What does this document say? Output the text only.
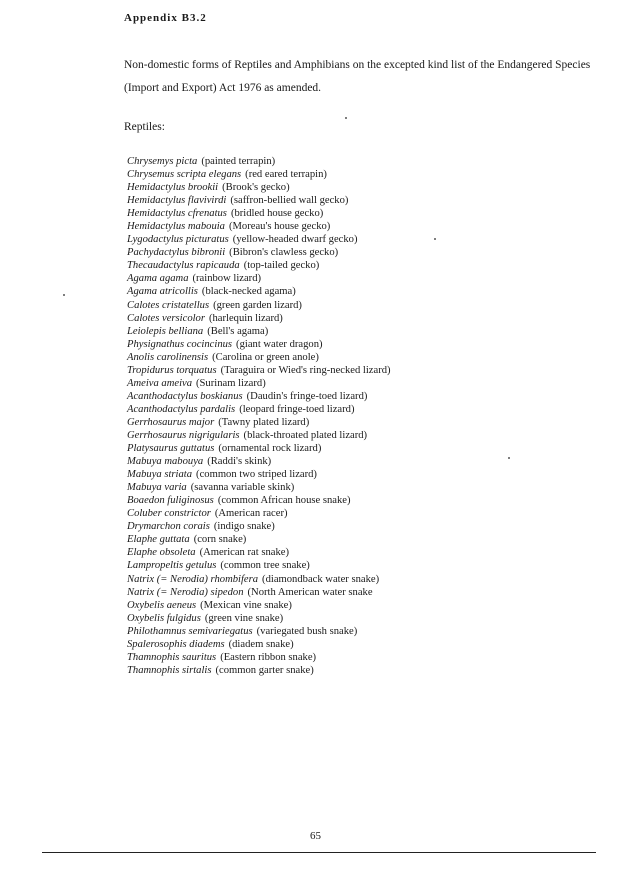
Appendix B3.2
Non-domestic forms of Reptiles and Amphibians on the excepted kind list of the Endangered Species (Import and Export) Act 1976 as amended.
Reptiles:
Chrysemys picta (painted terrapin)
Chrysemus scripta elegans (red eared terrapin)
Hemidactylus brookii (Brook's gecko)
Hemidactylus flavivirdi (saffron-bellied wall gecko)
Hemidactylus cfrenatus (bridled house gecko)
Hemidactylus mabouia (Moreau's house gecko)
Lygodactylus picturatus (yellow-headed dwarf gecko)
Pachydactylus bibronii (Bibron's clawless gecko)
Thecaudactylus rapicauda (top-tailed gecko)
Agama agama (rainbow lizard)
Agama atricollis (black-necked agama)
Calotes cristatellus (green garden lizard)
Calotes versicolor (harlequin lizard)
Leiolepis belliana (Bell's agama)
Physignathus cocincinus (giant water dragon)
Anolis carolinensis (Carolina or green anole)
Tropidurus torquatus (Taraguira or Wied's ring-necked lizard)
Ameiva ameiva (Surinam lizard)
Acanthodactylus boskianus (Daudin's fringe-toed lizard)
Acanthodactylus pardalis (leopard fringe-toed lizard)
Gerrhosaurus major (Tawny plated lizard)
Gerrhosaurus nigrigularis (black-throated plated lizard)
Platysaurus guttatus (ornamental rock lizard)
Mabuya mabouya (Raddi's skink)
Mabuya striata (common two striped lizard)
Mabuya varia (savanna variable skink)
Boaedon fuliginosus (common African house snake)
Coluber constrictor (American racer)
Drymarchon corais (indigo snake)
Elaphe guttata (corn snake)
Elaphe obsoleta (American rat snake)
Lampropeltis getulus (common tree snake)
Natrix (= Nerodia) rhombifera (diamondback water snake)
Natrix (= Nerodia) sipedon (North American water snake
Oxybelis aeneus (Mexican vine snake)
Oxybelis fulgidus (green vine snake)
Philothamnus semivariegatus (variegated bush snake)
Spalerosophis diadems (diadem snake)
Thamnophis sauritus (Eastern ribbon snake)
Thamnophis sirtalis (common garter snake)
65
